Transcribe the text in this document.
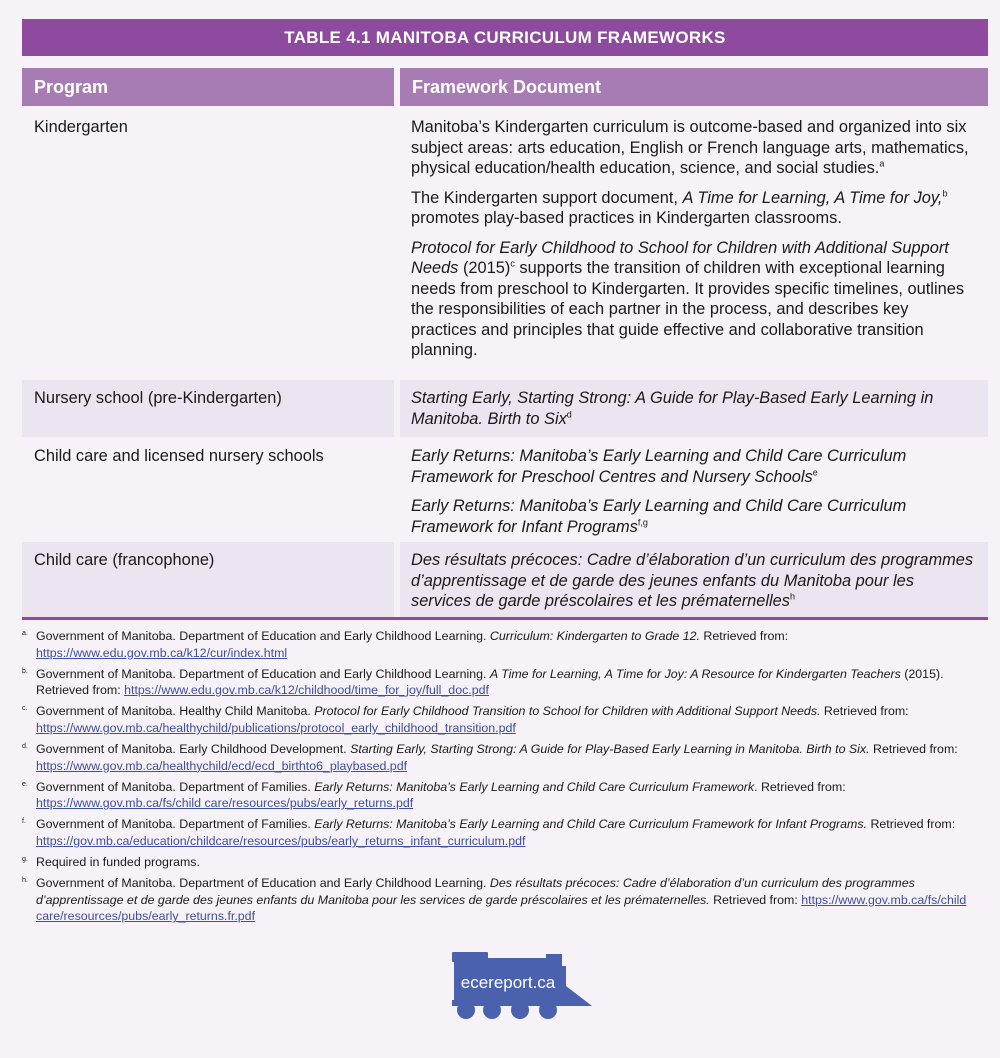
TABLE 4.1 MANITOBA CURRICULUM FRAMEWORKS
Program	Framework Document
Kindergarten	Manitoba’s Kindergarten curriculum is outcome-based and organized into six subject areas: arts education, English or French language arts, mathematics, physical education/health education, science, and social studies.$^a$

The Kindergarten support document, A Time for Learning, A Time for Joy,$^b$ promotes play-based practices in Kindergarten classrooms.

Protocol for Early Childhood to School for Children with Additional Support Needs $(2015)^c$ supports the transition of children with exceptional learning needs from preschool to Kindergarten. It provides specific timelines, outlines the responsibilities of each partner in the process, and describes key practices and principles that guide effective and collaborative transition planning.

Nursery school (pre-Kindergarten)	Starting Early, Starting Strong: A Guide for Play-Based Early Learning in Manitoba. Birth to Six$^d$
Child care and licensed nursery schools	Early Returns: Manitoba’s Early Learning and Child Care Curriculum Framework for Preschool Centres and Nursery Schools$^e$

Early Returns: Manitoba’s Early Learning and Child Care Curriculum Framework for Infant Programs$^{f,g}$

Child care (francophone)	Des résultats précoces: Cadre d’élaboration d’un curriculum des programmes d’apprentissage et de garde des jeunes enfants du Manitoba pour les services de garde préscolaires et les prématernelles$^h$
a. Government of Manitoba. Department of Education and Early Childhood Learning. Curriculum: Kindergarten to Grade 12. Retrieved from: https://www.edu.gov.mb.ca/k12/cur/index.html
b. Government of Manitoba. Department of Education and Early Childhood Learning. A Time for Learning, A Time for Joy: A Resource for Kindergarten Teachers (2015). Retrieved from: https://www.edu.gov.mb.ca/k12/childhood/time_for_joy/full_doc.pdf
c. Government of Manitoba. Healthy Child Manitoba. Protocol for Early Childhood Transition to School for Children with Additional Support Needs. Retrieved from: https://www.gov.mb.ca/healthychild/publications/protocol_early_childhood_transition.pdf
d. Government of Manitoba. Early Childhood Development. Starting Early, Starting Strong: A Guide for Play-Based Early Learning in Manitoba. Birth to Six. Retrieved from: https://www.gov.mb.ca/healthychild/ecd/ecd_birthto6_playbased.pdf
e. Government of Manitoba. Department of Families. Early Returns: Manitoba’s Early Learning and Child Care Curriculum Framework. Retrieved from: https://www.gov.mb.ca/fs/child care/resources/pubs/early_returns.pdf
f. Government of Manitoba. Department of Families. Early Returns: Manitoba’s Early Learning and Child Care Curriculum Framework for Infant Programs. Retrieved from: https://gov.mb.ca/education/childcare/resources/pubs/early_returns_infant_curriculum.pdf
g. Required in funded programs.
h. Government of Manitoba. Department of Education and Early Childhood Learning. Des résultats précoces: Cadre d’élaboration d’un curriculum des programmes d’apprentissage et de garde des jeunes enfants du Manitoba pour les services de garde préscolaires et les prématernelles. Retrieved from: https://www.gov.mb.ca/fs/child care/resources/pubs/early_returns.fr.pdf
ecereport.ca
